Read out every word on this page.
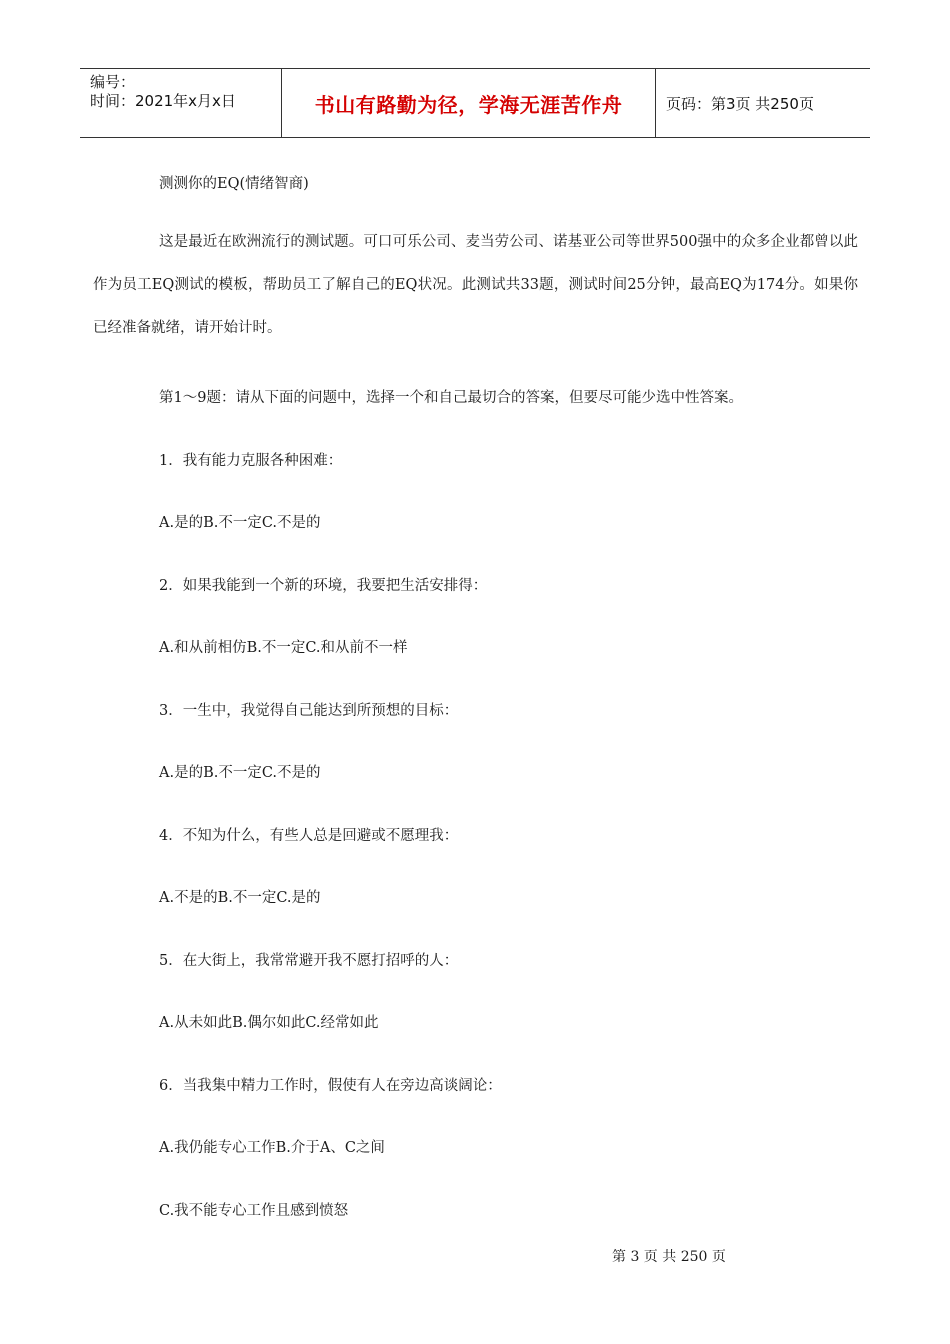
编号：
时间：2021年x月x日	书山有路勤为径，学海无涯苦作舟	页码：第3页 共250页
测测你的EQ(情绪智商)
这是最近在欧洲流行的测试题。可口可乐公司、麦当劳公司、诺基亚公司等世界500强中的众多企业都曾以此作为员工EQ测试的模板，帮助员工了解自己的EQ状况。此测试共33题，测试时间25分钟，最高EQ为174分。如果你已经准备就绪，请开始计时。
第1～9题：请从下面的问题中，选择一个和自己最切合的答案，但要尽可能少选中性答案。
1．我有能力克服各种困难：
A.是的B.不一定C.不是的
2．如果我能到一个新的环境，我要把生活安排得：
A.和从前相仿B.不一定C.和从前不一样
3．一生中，我觉得自己能达到所预想的目标：
A.是的B.不一定C.不是的
4．不知为什么，有些人总是回避或不愿理我：
A.不是的B.不一定C.是的
5．在大街上，我常常避开我不愿打招呼的人：
A.从未如此B.偶尔如此C.经常如此
6．当我集中精力工作时，假使有人在旁边高谈阔论：
A.我仍能专心工作B.介于A、C之间
C.我不能专心工作且感到愤怒
第 3 页 共 250 页
